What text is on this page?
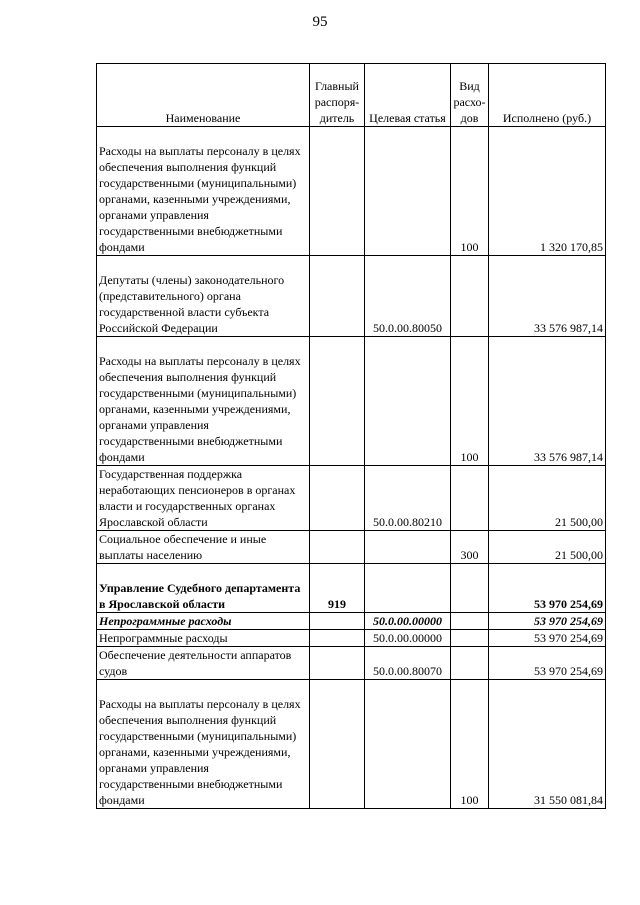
95
Наименование	Главный распоря-дитель	Целевая статья	Вид расхо-дов	Исполнено (руб.)
Расходы на выплаты персоналу в целях обеспечения выполнения функций государственными (муниципальными) органами, казенными учреждениями, органами управления государственными внебюджетными фондами			100	1 320 170,85
Депутаты (члены) законодательного (представительного) органа государственной власти субъекта Российской Федерации		50.0.00.80050		33 576 987,14
Расходы на выплаты персоналу в целях обеспечения выполнения функций государственными (муниципальными) органами, казенными учреждениями, органами управления государственными внебюджетными фондами			100	33 576 987,14
Государственная поддержка неработающих пенсионеров в органах власти и государственных органах Ярославской области		50.0.00.80210		21 500,00
Социальное обеспечение и иные выплаты населению			300	21 500,00
Управление Судебного департамента в Ярославской области	919			53 970 254,69
Непрограммные расходы		50.0.00.00000		53 970 254,69
Непрограммные расходы		50.0.00.00000		53 970 254,69
Обеспечение деятельности аппаратов судов		50.0.00.80070		53 970 254,69
Расходы на выплаты персоналу в целях обеспечения выполнения функций государственными (муниципальными) органами, казенными учреждениями, органами управления государственными внебюджетными фондами			100	31 550 081,84
